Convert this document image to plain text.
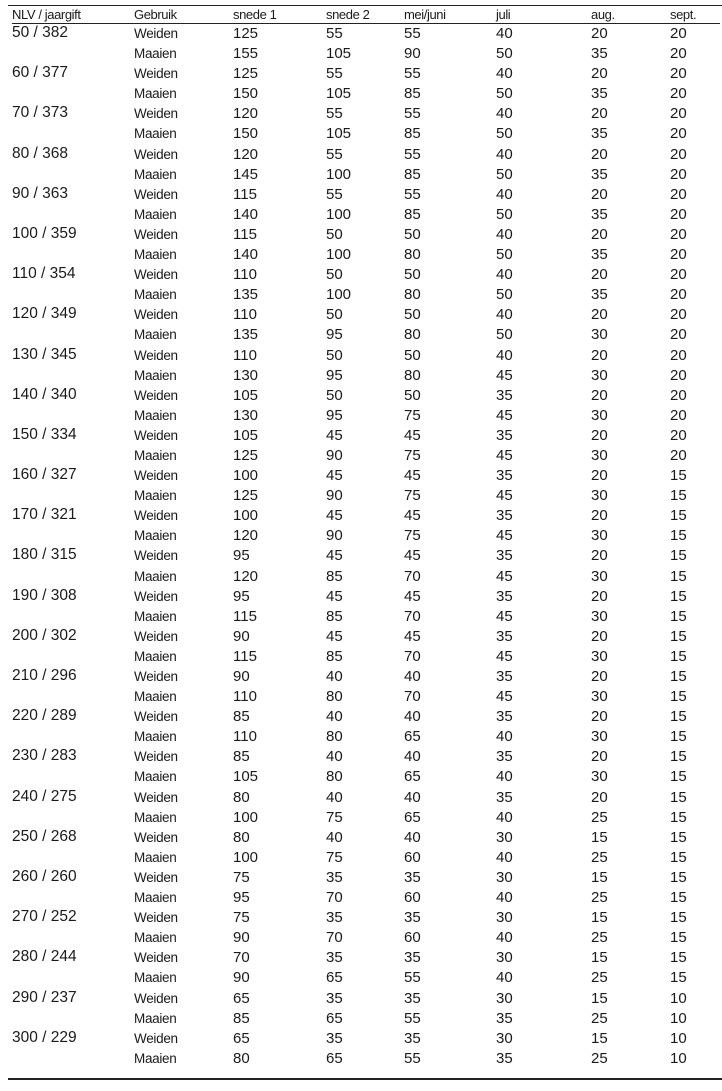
NLV / jaargift	Gebruik	snede 1	snede 2	mei/juni	juli	aug.	sept.
50 / 382	Weiden	125	55	55	40	20	20
	Maaien	155	105	90	50	35	20
60 / 377	Weiden	125	55	55	40	20	20
	Maaien	150	105	85	50	35	20
70 / 373	Weiden	120	55	55	40	20	20
	Maaien	150	105	85	50	35	20
80 / 368	Weiden	120	55	55	40	20	20
	Maaien	145	100	85	50	35	20
90 / 363	Weiden	115	55	55	40	20	20
	Maaien	140	100	85	50	35	20
100 / 359	Weiden	115	50	50	40	20	20
	Maaien	140	100	80	50	35	20
110 / 354	Weiden	110	50	50	40	20	20
	Maaien	135	100	80	50	35	20
120 / 349	Weiden	110	50	50	40	20	20
	Maaien	135	95	80	50	30	20
130 / 345	Weiden	110	50	50	40	20	20
	Maaien	130	95	80	45	30	20
140 / 340	Weiden	105	50	50	35	20	20
	Maaien	130	95	75	45	30	20
150 / 334	Weiden	105	45	45	35	20	20
	Maaien	125	90	75	45	30	20
160 / 327	Weiden	100	45	45	35	20	15
	Maaien	125	90	75	45	30	15
170 / 321	Weiden	100	45	45	35	20	15
	Maaien	120	90	75	45	30	15
180 / 315	Weiden	95	45	45	35	20	15
	Maaien	120	85	70	45	30	15
190 / 308	Weiden	95	45	45	35	20	15
	Maaien	115	85	70	45	30	15
200 / 302	Weiden	90	45	45	35	20	15
	Maaien	115	85	70	45	30	15
210 / 296	Weiden	90	40	40	35	20	15
	Maaien	110	80	70	45	30	15
220 / 289	Weiden	85	40	40	35	20	15
	Maaien	110	80	65	40	30	15
230 / 283	Weiden	85	40	40	35	20	15
	Maaien	105	80	65	40	30	15
240 / 275	Weiden	80	40	40	35	20	15
	Maaien	100	75	65	40	25	15
250 / 268	Weiden	80	40	40	30	15	15
	Maaien	100	75	60	40	25	15
260 / 260	Weiden	75	35	35	30	15	15
	Maaien	95	70	60	40	25	15
270 / 252	Weiden	75	35	35	30	15	15
	Maaien	90	70	60	40	25	15
280 / 244	Weiden	70	35	35	30	15	15
	Maaien	90	65	55	40	25	15
290 / 237	Weiden	65	35	35	30	15	10
	Maaien	85	65	55	35	25	10
300 / 229	Weiden	65	35	35	30	15	10
	Maaien	80	65	55	35	25	10
